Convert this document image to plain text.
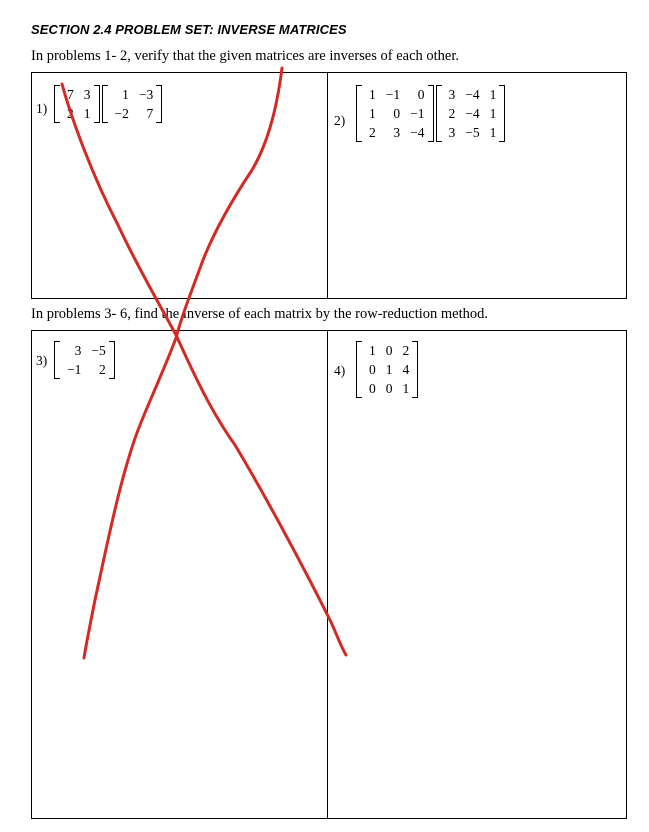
SECTION 2.4 PROBLEM SET: INVERSE MATRICES
In problems 1- 2, verify that the given matrices are inverses of each other.
1)
7	3
2	1
1	−3
−2	7	2)
1	−1	0
1	0	−1
2	3	−4
3	−4	1
2	−4	1
3	−5	1
In problems 3- 6, find the inverse of each matrix by the row-reduction method.
3)
3	−5
−1	2	4)
1	0	2
0	1	4
0	0	1
